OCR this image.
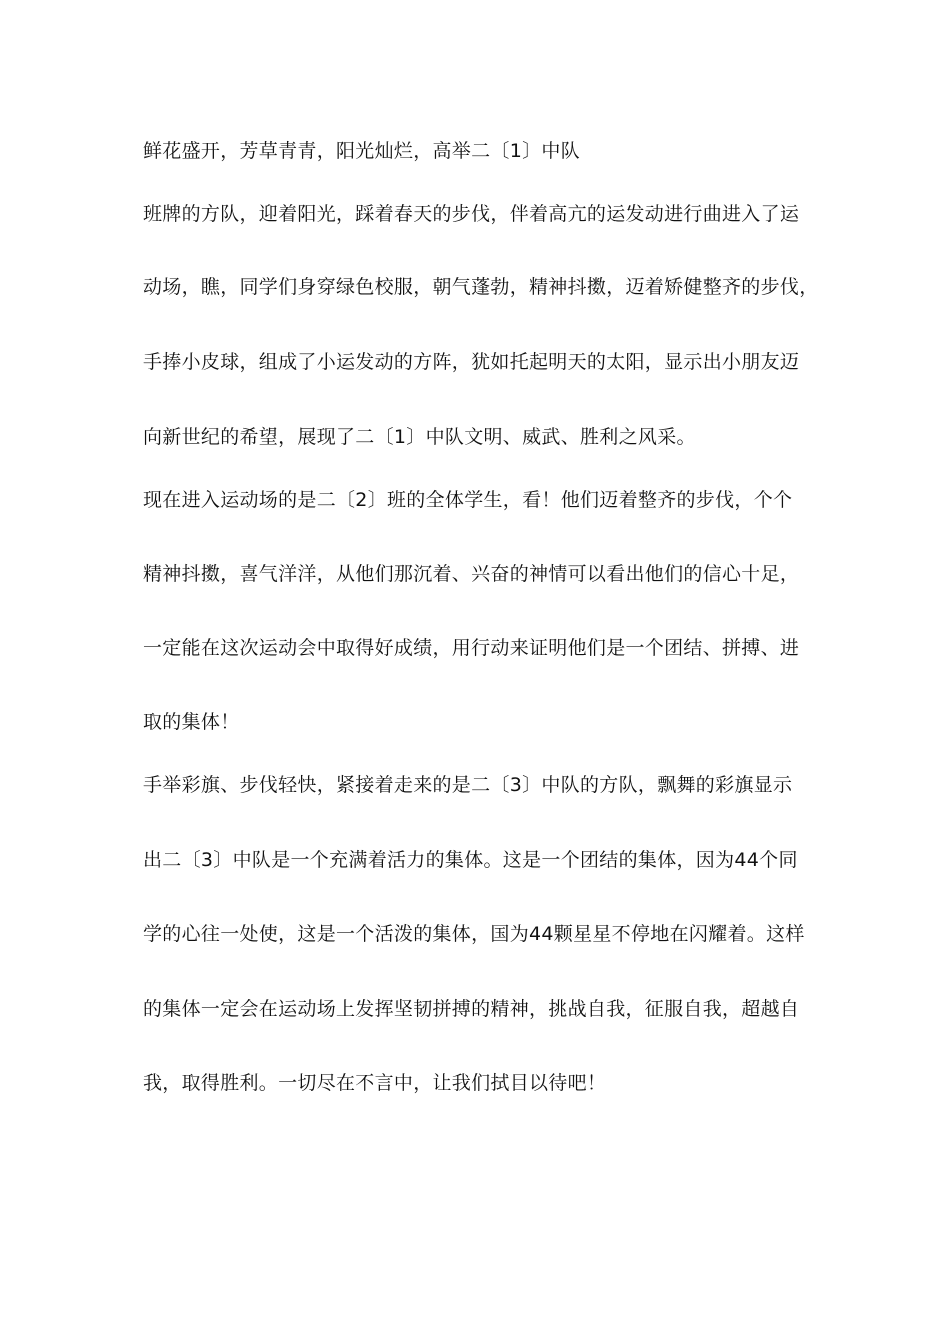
鲜花盛开，芳草青青，阳光灿烂，高举二〔1〕中队
班牌的方队，迎着阳光，踩着春天的步伐，伴着高亢的运发动进行曲进入了运
动场，瞧，同学们身穿绿色校服，朝气蓬勃，精神抖擞，迈着矫健整齐的步伐，
手捧小皮球，组成了小运发动的方阵，犹如托起明天的太阳，显示出小朋友迈
向新世纪的希望，展现了二〔1〕中队文明、威武、胜利之风采。
现在进入运动场的是二〔2〕班的全体学生，看！他们迈着整齐的步伐，个个
精神抖擞，喜气洋洋，从他们那沉着、兴奋的神情可以看出他们的信心十足，
一定能在这次运动会中取得好成绩，用行动来证明他们是一个团结、拼搏、进
取的集体！
手举彩旗、步伐轻快，紧接着走来的是二〔3〕中队的方队，飘舞的彩旗显示
出二〔3〕中队是一个充满着活力的集体。这是一个团结的集体，因为44个同
学的心往一处使，这是一个活泼的集体，国为44颗星星不停地在闪耀着。这样
的集体一定会在运动场上发挥坚韧拼搏的精神，挑战自我，征服自我，超越自
我，取得胜利。一切尽在不言中，让我们拭目以待吧！
